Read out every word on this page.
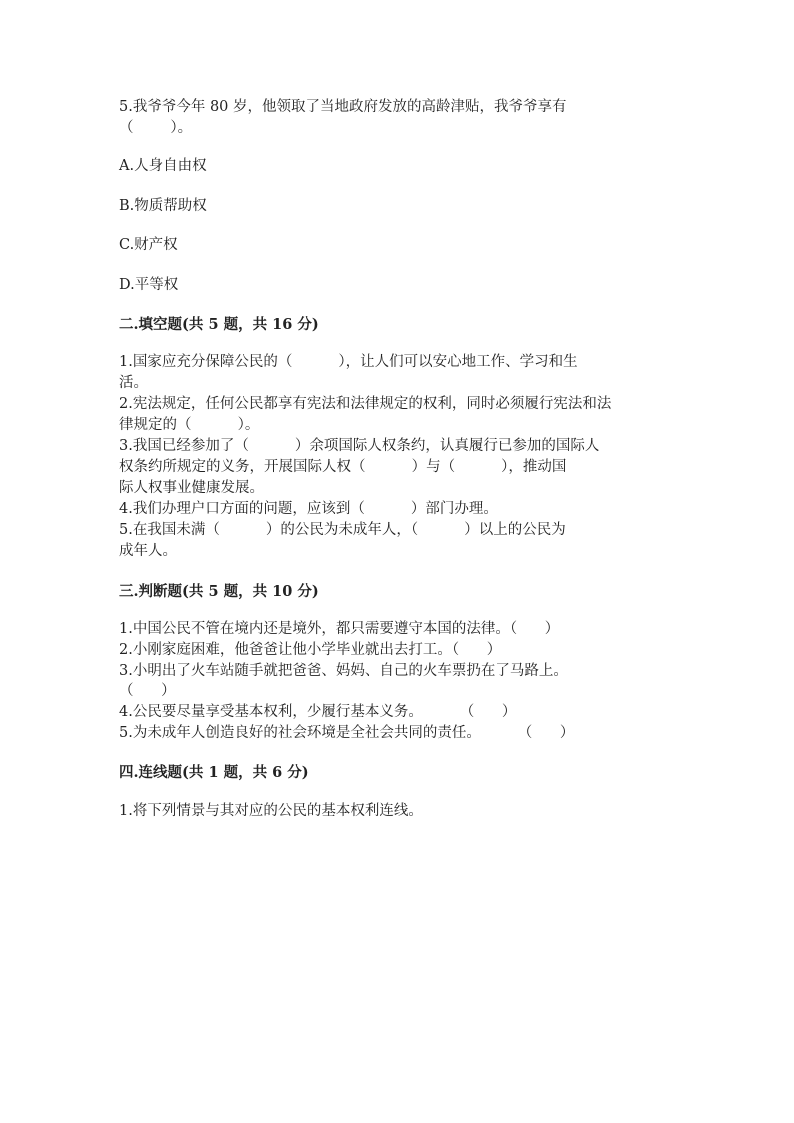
5.我爷爷今年 80 岁，他领取了当地政府发放的高龄津贴，我爷爷享有

（        ）。

A.人身自由权

B.物质帮助权

C.财产权

D.平等权

二.填空题(共 5 题，共 16 分)

1.国家应充分保障公民的（          ），让人们可以安心地工作、学习和生

活。

2.宪法规定，任何公民都享有宪法和法律规定的权利，同时必须履行宪法和法

律规定的（          ）。

3.我国已经参加了（          ）余项国际人权条约，认真履行已参加的国际人

权条约所规定的义务，开展国际人权（          ）与（          ），推动国

际人权事业健康发展。

4.我们办理户口方面的问题，应该到（          ）部门办理。

5.在我国未满（          ）的公民为未成年人，（          ）以上的公民为

成年人。

三.判断题(共 5 题，共 10 分)

1.中国公民不管在境内还是境外，都只需要遵守本国的法律。（      ）

2.小刚家庭困难，他爸爸让他小学毕业就出去打工。（      ）

3.小明出了火车站随手就把爸爸、妈妈、自己的火车票扔在了马路上。

（      ）

4.公民要尽量享受基本权利，少履行基本义务。        （      ）

5.为未成年人创造良好的社会环境是全社会共同的责任。        （      ）

四.连线题(共 1 题，共 6 分)

1.将下列情景与其对应的公民的基本权利连线。
